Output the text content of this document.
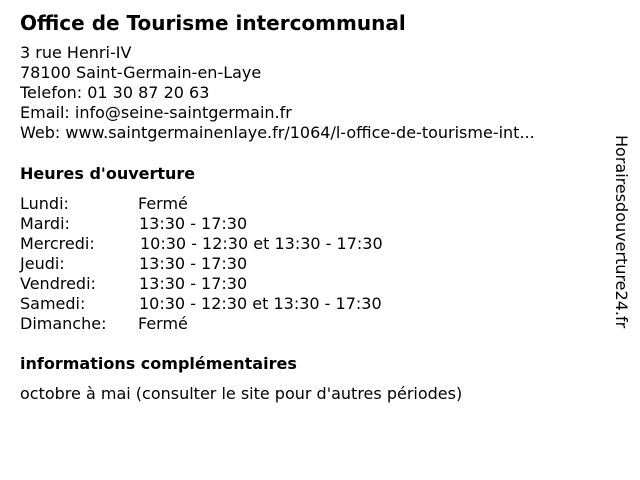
Office de Tourisme intercommunal
3 rue Henri-IV
78100 Saint-Germain-en-Laye
Telefon: 01 30 87 20 63
Email: info@seine-saintgermain.fr
Web: www.saintgermainenlaye.fr/1064/l-office-de-tourisme-int...
Heures d'ouverture
Lundi:	Fermé
Mardi:	13:30 - 17:30
Mercredi:	10:30 - 12:30 et 13:30 - 17:30
Jeudi:	13:30 - 17:30
Vendredi:	13:30 - 17:30
Samedi:	10:30 - 12:30 et 13:30 - 17:30
Dimanche: Fermé
informations complémentaires
octobre à mai (consulter le site pour d'autres périodes)
Horairesdouverture24.fr
